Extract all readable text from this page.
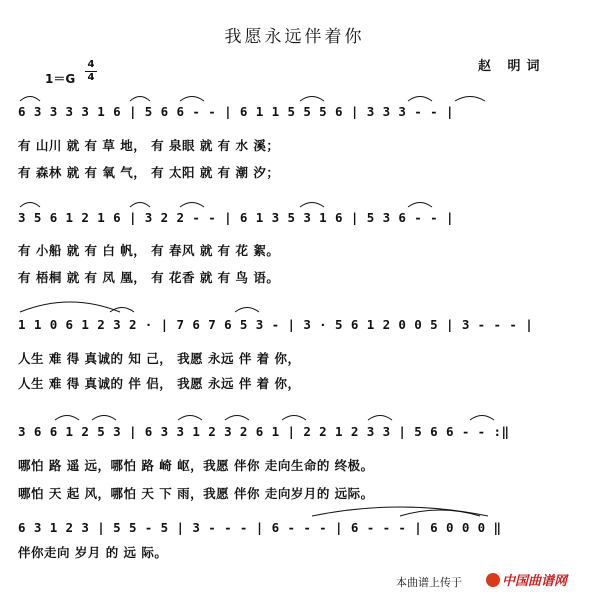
我愿永远伴着你
赵 明词
1＝G
4
4
6 3 3 3 3 1 6 | 5 6 6 - - | 6 1 1 5 5 5 6 | 3 3 3 - - |
有 山川 就 有 草 地， 有 泉眼 就 有 水 溪；
有 森林 就 有 氧 气， 有 太阳 就 有 潮 汐；
3 5 6 1 2 1 6 | 3 2 2 - - | 6 1 3 5 3 1 6 | 5 3 6 - - |
有 小船 就 有 白 帆， 有 春风 就 有 花 絮。
有 梧桐 就 有 凤 凰， 有 花香 就 有 鸟 语。
1 1 0 6 1 2 3 2 · | 7 6 7 6 5 3 - | 3 · 5 6 1 2 0 0 5 | 3 - - - |
人生 难 得 真诚的 知 己， 我愿 永远 伴 着 你，
人生 难 得 真诚的 伴 侣， 我愿 永远 伴 着 你，
3 6 6 1 2 5 3 | 6 3 3 1 2 3 2 6 1 | 2 2 1 2 3 3 | 5 6 6 - - :‖
哪怕 路 遥 远，哪怕 路 崎 岖，我愿 伴你 走向生命的 终极。
哪怕 天 起 风，哪怕 天 下 雨，我愿 伴你 走向岁月的 远际。
6 3 1 2 3 | 5 5 - 5 | 3 - - - | 6 - - - | 6 - - - | 6 0 0 0 ‖
伴你走向 岁月 的 远 际。
本曲谱上传于	中国曲谱网
